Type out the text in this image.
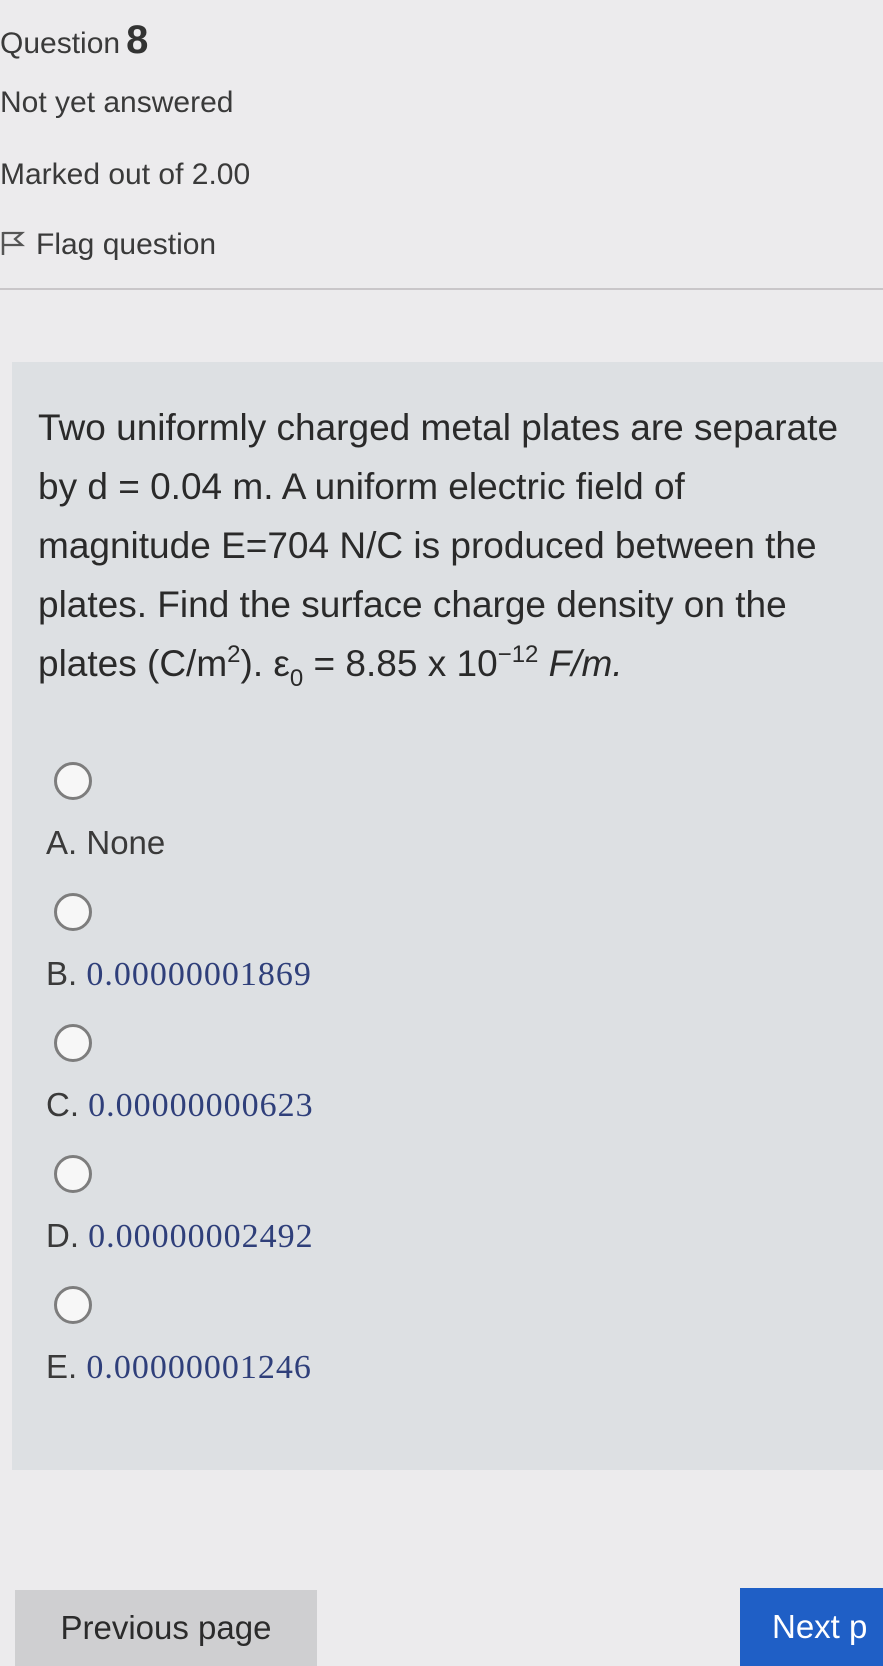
Question 8
Not yet answered
Marked out of 2.00
Flag question
Two uniformly charged metal plates are separate
by d = 0.04 m. A uniform electric field of
magnitude E=704 N/C is produced between the
plates. Find the surface charge density on the
plates $(C/m^2)$. $\varepsilon_0 = 8.85$ x $10^{-12}$ F/m.
A. None
B. 0.00000001869
C. 0.00000000623
D. 0.00000002492
E. 0.00000001246
Previous page	Next p
